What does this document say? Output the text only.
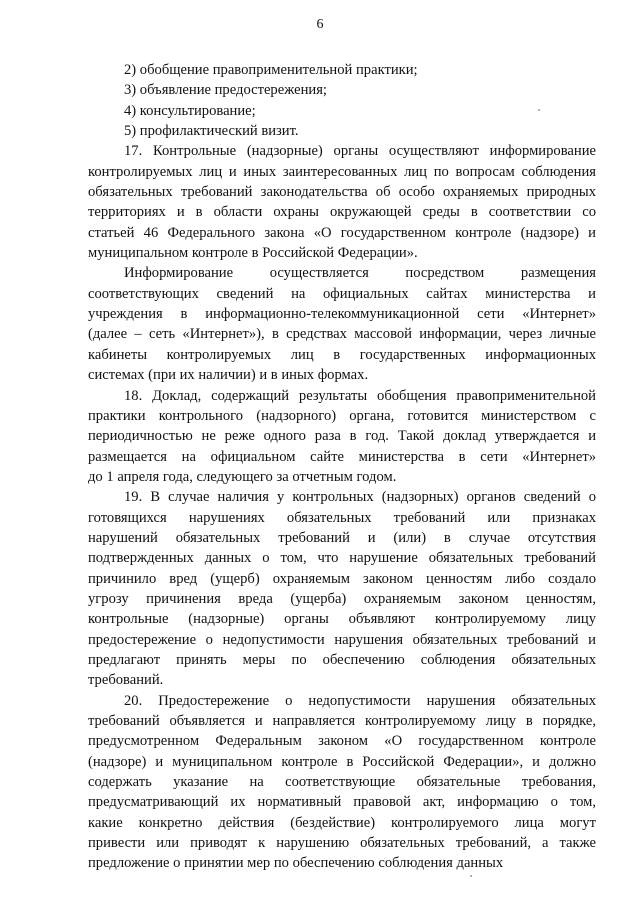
6
2) обобщение правоприменительной практики;
3) объявление предостережения;
4) консультирование;
5) профилактический визит.
17. Контрольные (надзорные) органы осуществляют информирование
контролируемых лиц и иных заинтересованных лиц по вопросам соблюдения
обязательных требований законодательства об особо охраняемых природных
территориях и в области охраны окружающей среды в соответствии со
статьей 46 Федерального закона «О государственном контроле (надзоре) и
муниципальном контроле в Российской Федерации».
Информирование осуществляется посредством размещения
соответствующих сведений на официальных сайтах министерства и
учреждения в информационно-телекоммуникационной сети «Интернет»
(далее – сеть «Интернет»), в средствах массовой информации, через личные
кабинеты контролируемых лиц в государственных информационных
системах (при их наличии) и в иных формах.
18. Доклад, содержащий результаты обобщения правоприменительной
практики контрольного (надзорного) органа, готовится министерством с
периодичностью не реже одного раза в год. Такой доклад утверждается и
размещается на официальном сайте министерства в сети «Интернет»
до 1 апреля года, следующего за отчетным годом.
19. В случае наличия у контрольных (надзорных) органов сведений о
готовящихся нарушениях обязательных требований или признаках
нарушений обязательных требований и (или) в случае отсутствия
подтвержденных данных о том, что нарушение обязательных требований
причинило вред (ущерб) охраняемым законом ценностям либо создало
угрозу причинения вреда (ущерба) охраняемым законом ценностям,
контрольные (надзорные) органы объявляют контролируемому лицу
предостережение о недопустимости нарушения обязательных требований и
предлагают принять меры по обеспечению соблюдения обязательных
требований.
20. Предостережение о недопустимости нарушения обязательных
требований объявляется и направляется контролируемому лицу в порядке,
предусмотренном Федеральным законом «О государственном контроле
(надзоре) и муниципальном контроле в Российской Федерации», и должно
содержать указание на соответствующие обязательные требования,
предусматривающий их нормативный правовой акт, информацию о том,
какие конкретно действия (бездействие) контролируемого лица могут
привести или приводят к нарушению обязательных требований, а также
предложение о принятии мер по обеспечению соблюдения данных
